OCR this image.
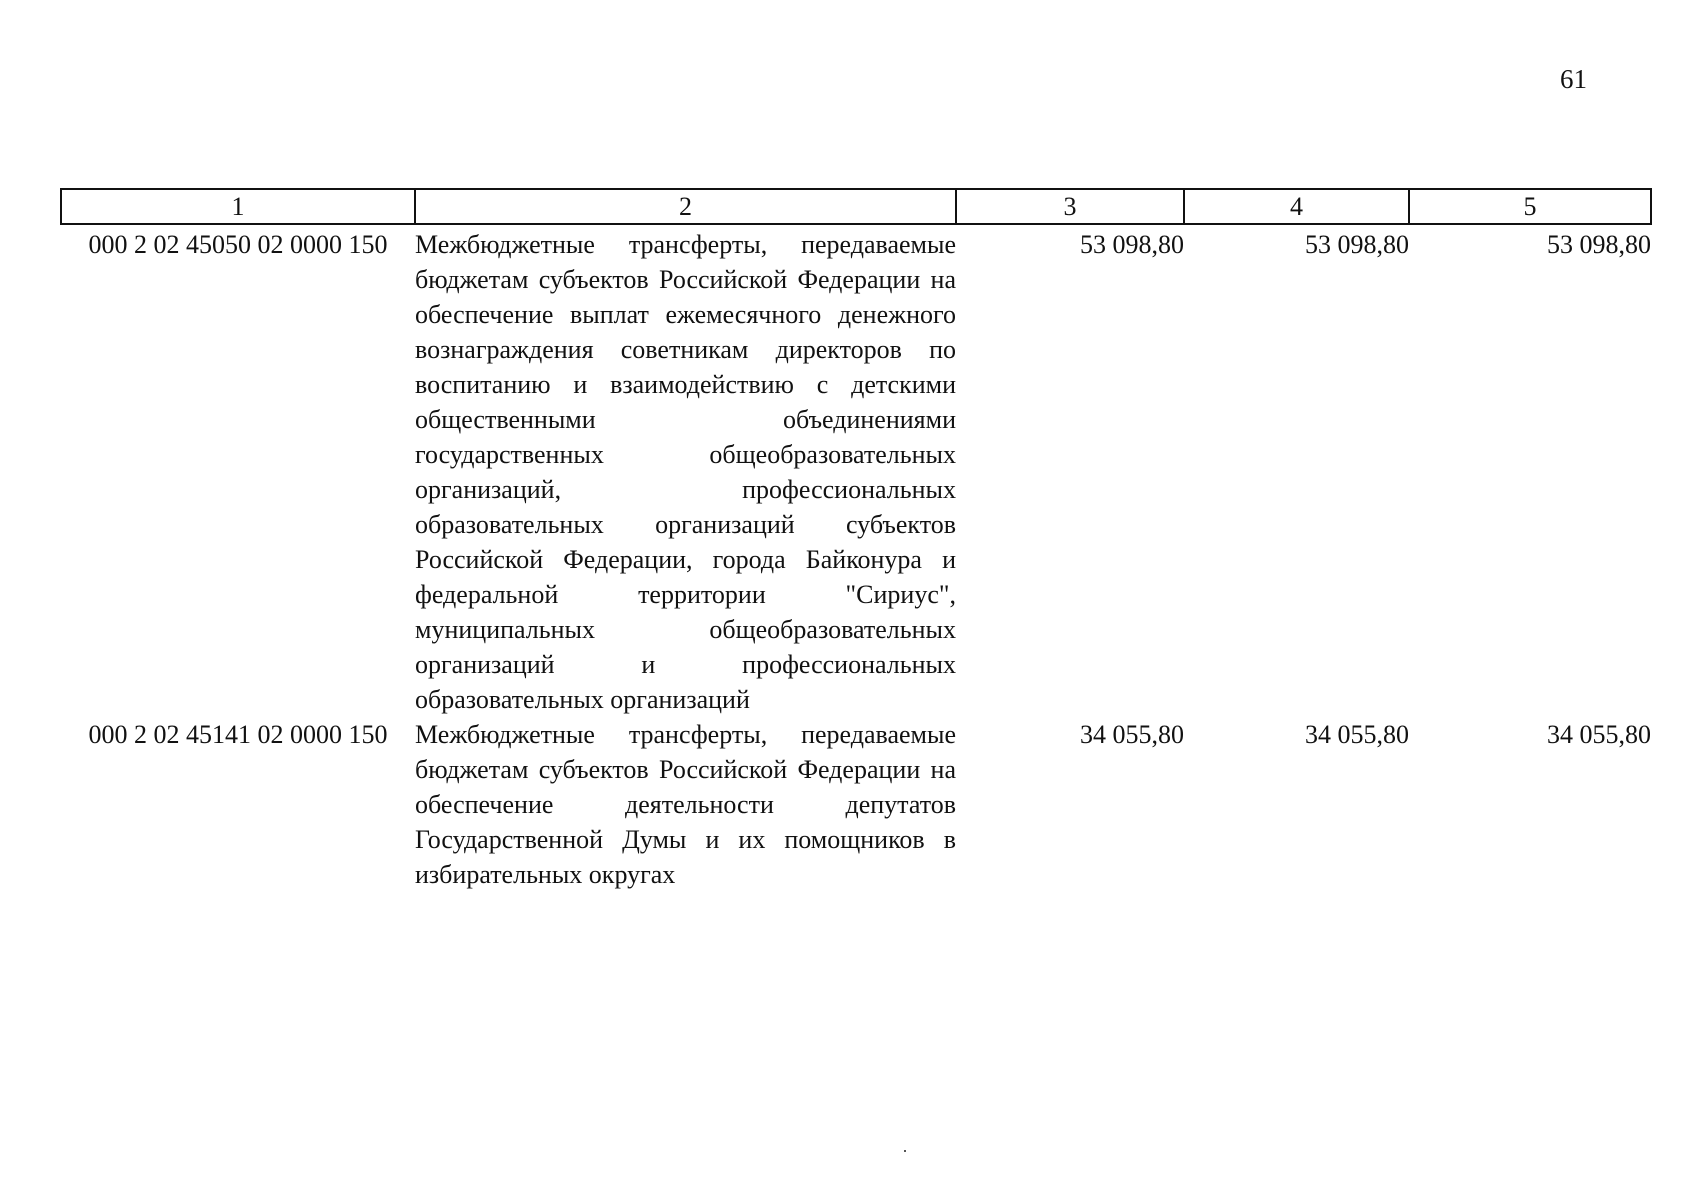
61
1	2	3	4	5

000 2 02 45050 02 0000 150	Межбюджетные трансферты, передаваемые бюджетам субъектов Российской Федерации на обеспечение выплат ежемесячного денежного вознаграждения советникам директоров по воспитанию и взаимодействию с детскими общественными объединениями государственных общеобразовательных организаций, профессиональных образовательных организаций субъектов Российской Федерации, города Байконура и федеральной территории "Сириус", муниципальных общеобразовательных организаций и профессиональных образовательных организаций	53 098,80	53 098,80	53 098,80
000 2 02 45141 02 0000 150	Межбюджетные трансферты, передаваемые бюджетам субъектов Российской Федерации на обеспечение деятельности депутатов Государственной Думы и их помощников в избирательных округах	34 055,80	34 055,80	34 055,80
